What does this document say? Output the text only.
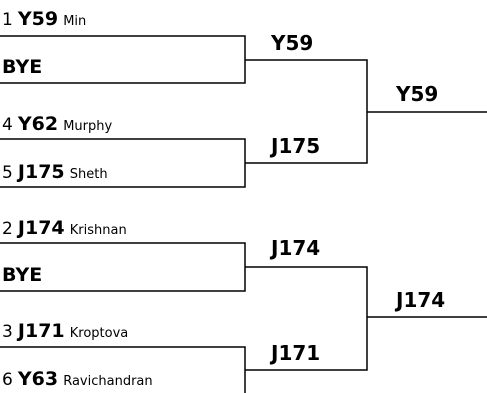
1 Y59 Min
BYE
4 Y62 Murphy
5 J175 Sheth
2 J174 Krishnan
BYE
3 J171 Kroptova
6 Y63 Ravichandran
Y59
J175
J174
J171
Y59
J174
